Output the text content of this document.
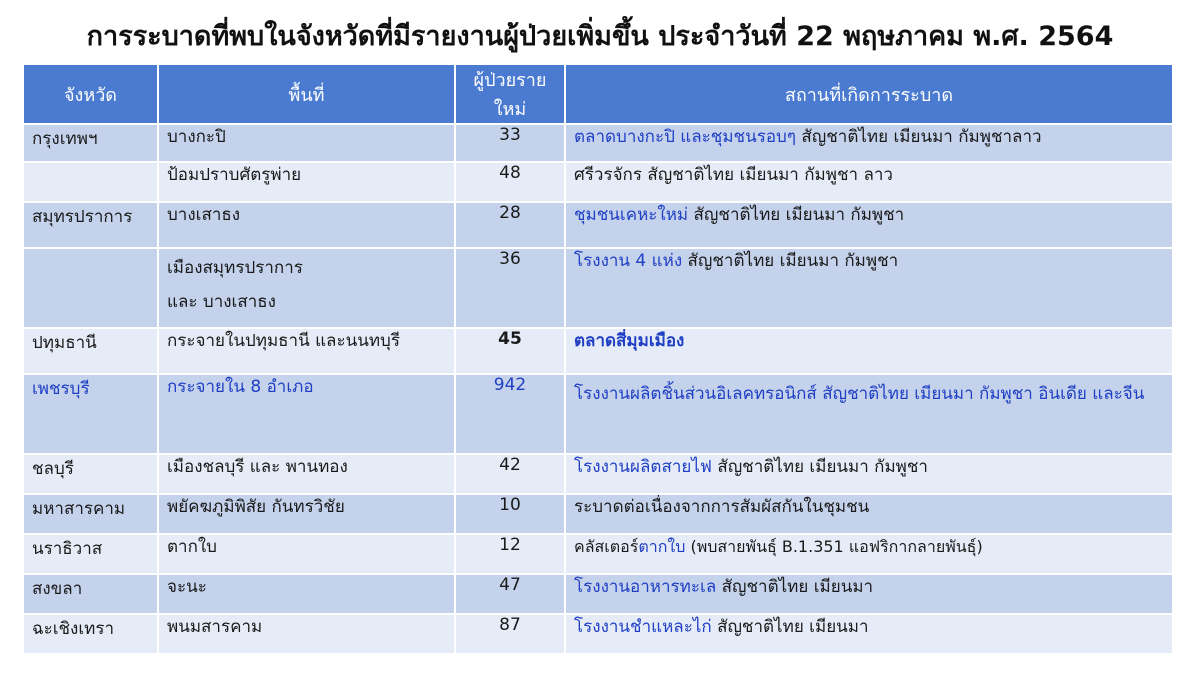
การระบาดที่พบในจังหวัดที่มีรายงานผู้ป่วยเพิ่มขึ้น ประจำวันที่ 22 พฤษภาคม พ.ศ. 2564
จังหวัด	พื้นที่	ผู้ป่วยรายใหม่	สถานที่เกิดการระบาด
กรุงเทพฯ	บางกะปิ	33	ตลาดบางกะปิ และชุมชนรอบๆ สัญชาติไทย เมียนมา กัมพูชาลาว
	ป้อมปราบศัตรูพ่าย	48	ศรีวรจักร สัญชาติไทย เมียนมา กัมพูชา ลาว
สมุทรปราการ	บางเสาธง	28	ชุมชนเคหะใหม่ สัญชาติไทย เมียนมา กัมพูชา
	เมืองสมุทรปราการ และ บางเสาธง	36	โรงงาน 4 แห่ง สัญชาติไทย เมียนมา กัมพูชา
ปทุมธานี	กระจายในปทุมธานี และนนทบุรี	45	ตลาดสี่มุมเมือง
เพชรบุรี	กระจายใน 8 อำเภอ	942	โรงงานผลิตชิ้นส่วนอิเลคทรอนิกส์ สัญชาติไทย เมียนมา กัมพูชา อินเดีย และจีน
ชลบุรี	เมืองชลบุรี และ พานทอง	42	โรงงานผลิตสายไฟ สัญชาติไทย เมียนมา กัมพูชา
มหาสารคาม	พยัคฆภูมิพิสัย กันทรวิชัย	10	ระบาดต่อเนื่องจากการสัมผัสกันในชุมชน
นราธิวาส	ตากใบ	12	คลัสเตอร์ตากใบ (พบสายพันธุ์ B.1.351 แอฟริกากลายพันธุ์)
สงขลา	จะนะ	47	โรงงานอาหารทะเล สัญชาติไทย เมียนมา
ฉะเชิงเทรา	พนมสารคาม	87	โรงงานชำแหละไก่ สัญชาติไทย เมียนมา
